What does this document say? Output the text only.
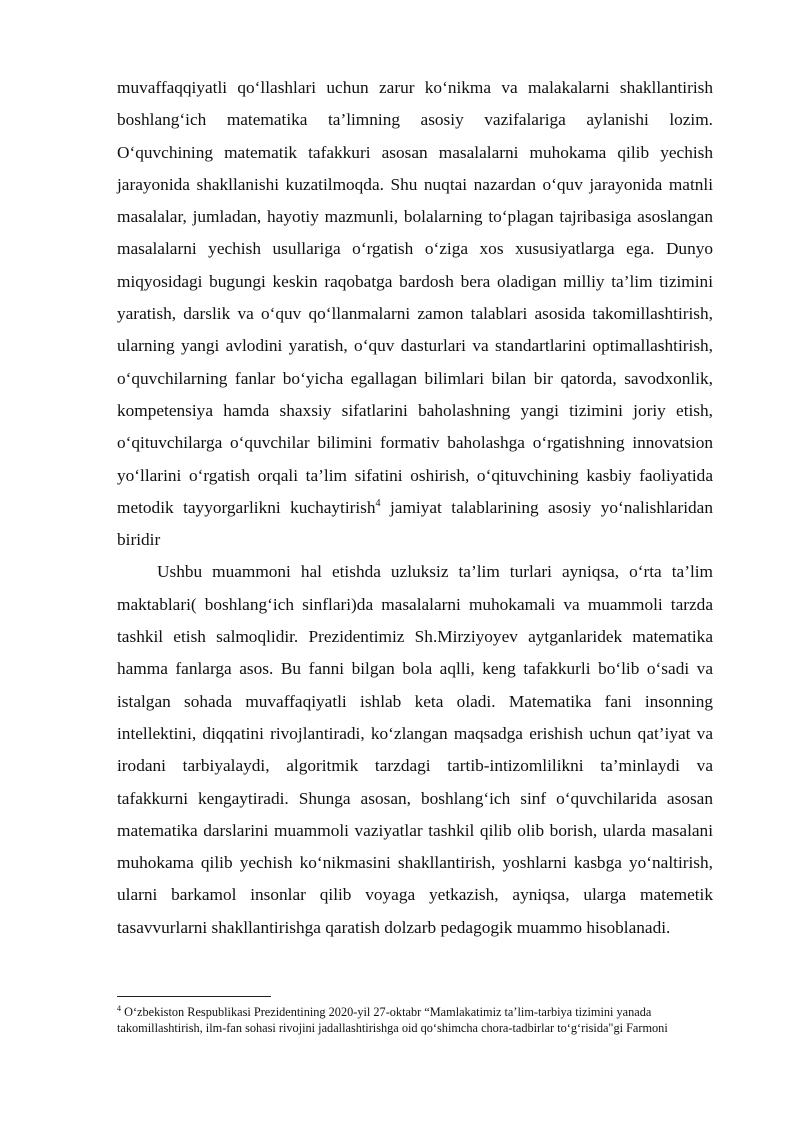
muvaffaqqiyatli qo‘llashlari uchun zarur ko‘nikma va malakalarni shakllantirish boshlang‘ich matematika ta’limning asosiy vazifalariga aylanishi lozim. O‘quvchining matematik tafakkuri asosan masalalarni muhokama qilib yechish jarayonida shakllanishi kuzatilmoqda. Shu nuqtai nazardan o‘quv jarayonida matnli masalalar, jumladan, hayotiy mazmunli, bolalarning to‘plagan tajribasiga asoslangan masalalarni yechish usullariga o‘rgatish o‘ziga xos xususiyatlarga ega. Dunyo miqyosidagi bugungi keskin raqobatga bardosh bera oladigan milliy ta’lim tizimini yaratish, darslik va o‘quv qo‘llanmalarni zamon talablari asosida takomillashtirish, ularning yangi avlodini yaratish, o‘quv dasturlari va standartlarini optimallashtirish, o‘quvchilarning fanlar bo‘yicha egallagan bilimlari bilan bir qatorda, savodxonlik, kompetensiya hamda shaxsiy sifatlarini baholashning yangi tizimini joriy etish, o‘qituvchilarga o‘quvchilar bilimini formativ baholashga o‘rgatishning innovatsion yo‘llarini o‘rgatish orqali ta’lim sifatini oshirish, o‘qituvchining kasbiy faoliyatida metodik tayyorgarlikni kuchaytirish$^4$ jamiyat talablarining asosiy yo‘nalishlaridan biridir

Ushbu muammoni hal etishda uzluksiz ta’lim turlari ayniqsa, o‘rta ta’lim maktablari( boshlang‘ich sinflari)da masalalarni muhokamali va muammoli tarzda tashkil etish salmoqlidir. Prezidentimiz Sh.Mirziyoyev aytganlaridek matematika hamma fanlarga asos. Bu fanni bilgan bola aqlli, keng tafakkurli bo‘lib o‘sadi va istalgan sohada muvaffaqiyatli ishlab keta oladi. Matematika fani insonning intellektini, diqqatini rivojlantiradi, ko‘zlangan maqsadga erishish uchun qat’iyat va irodani tarbiyalaydi, algoritmik tarzdagi tartib-intizomlilikni ta’minlaydi va tafakkurni kengaytiradi. Shunga asosan, boshlang‘ich sinf o‘quvchilarida asosan matematika darslarini muammoli vaziyatlar tashkil qilib olib borish, ularda masalani muhokama qilib yechish ko‘nikmasini shakllantirish, yoshlarni kasbga yo‘naltirish, ularni barkamol insonlar qilib voyaga yetkazish, ayniqsa, ularga matemetik tasavvurlarni shakllantirishga qaratish dolzarb pedagogik muammo hisoblanadi.

$^4$ O‘zbekiston Respublikasi Prezidentining 2020-yil 27-oktabr “Mamlakatimiz ta’lim-tarbiya tizimini yanada takomillashtirish, ilm-fan sohasi rivojini jadallashtirishga oid qo‘shimcha chora-tadbirlar to‘g‘risida"gi Farmoni
